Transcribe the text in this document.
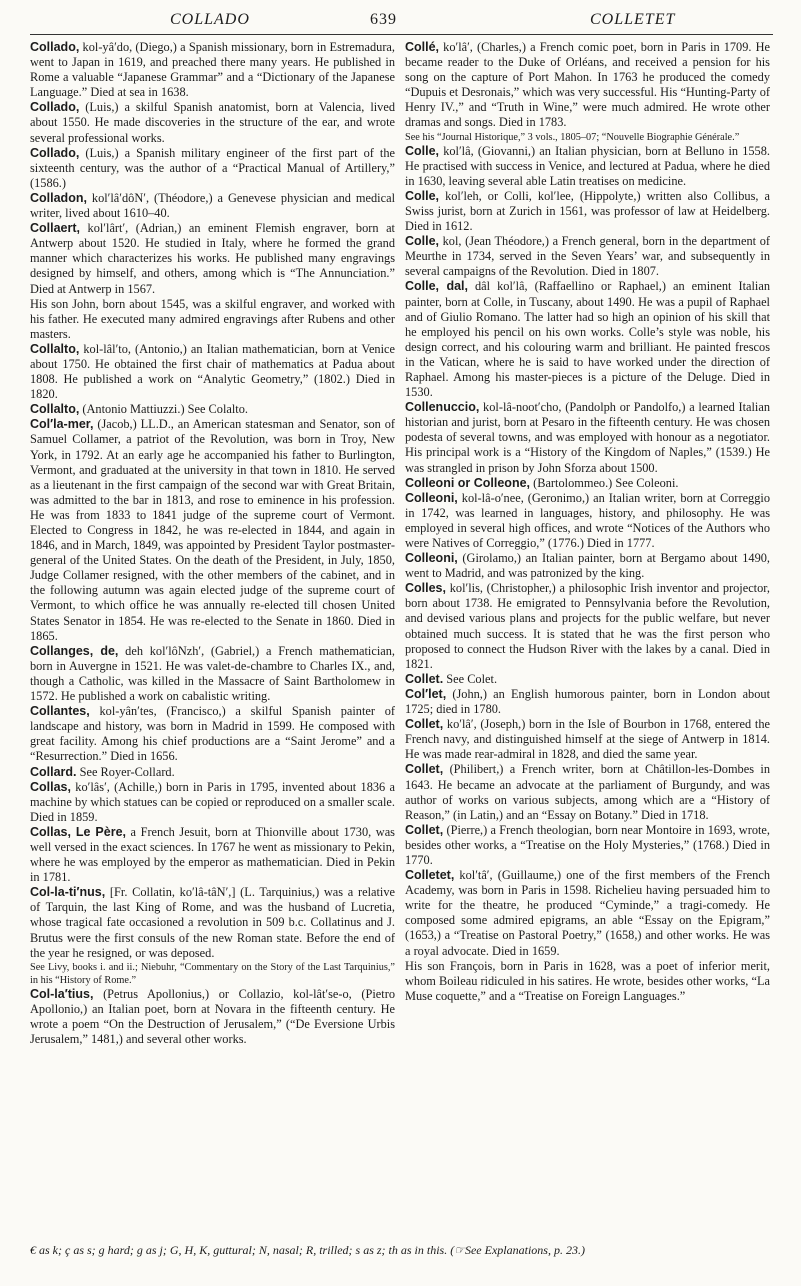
COLLADO	639	COLLETET

Collado, kol-yâ′do, (Diego,) a Spanish missionary, born in Estremadura, went to Japan in 1619, and preached there many years. He published in Rome a valuable “Japanese Grammar” and a “Dictionary of the Japanese Language.” Died at sea in 1638.

Collado, (Luis,) a skilful Spanish anatomist, born at Valencia, lived about 1550. He made discoveries in the structure of the ear, and wrote several professional works.

Collado, (Luis,) a Spanish military engineer of the first part of the sixteenth century, was the author of a “Practical Manual of Artillery,” (1586.)

Colladon, kol′lâ′dôN′, (Théodore,) a Genevese physician and medical writer, lived about 1610–40.

Collaert, kol′lârt′, (Adrian,) an eminent Flemish engraver, born at Antwerp about 1520. He studied in Italy, where he formed the grand manner which characterizes his works. He published many engravings designed by himself, and others, among which is “The Annunciation.” Died at Antwerp in 1567.

His son John, born about 1545, was a skilful engraver, and worked with his father. He executed many admired engravings after Rubens and other masters.

Collalto, kol-lâl′to, (Antonio,) an Italian mathematician, born at Venice about 1750. He obtained the first chair of mathematics at Padua about 1808. He published a work on “Analytic Geometry,” (1802.) Died in 1820.

Collalto, (Antonio Mattiuzzi.) See Colalto.

Col′la-mer, (Jacob,) LL.D., an American statesman and Senator, son of Samuel Collamer, a patriot of the Revolution, was born in Troy, New York, in 1792. At an early age he accompanied his father to Burlington, Vermont, and graduated at the university in that town in 1810. He served as a lieutenant in the first campaign of the second war with Great Britain, was admitted to the bar in 1813, and rose to eminence in his profession. He was from 1833 to 1841 judge of the supreme court of Vermont. Elected to Congress in 1842, he was re-elected in 1844, and again in 1846, and in March, 1849, was appointed by President Taylor postmaster-general of the United States. On the death of the President, in July, 1850, Judge Collamer resigned, with the other members of the cabinet, and in the following autumn was again elected judge of the supreme court of Vermont, to which office he was annually re-elected till chosen United States Senator in 1854. He was re-elected to the Senate in 1860. Died in 1865.

Collanges, de, deh kol′lôNzh′, (Gabriel,) a French mathematician, born in Auvergne in 1521. He was valet-de-chambre to Charles IX., and, though a Catholic, was killed in the Massacre of Saint Bartholomew in 1572. He published a work on cabalistic writing.

Collantes, kol-yân′tes, (Francisco,) a skilful Spanish painter of landscape and history, was born in Madrid in 1599. He composed with great facility. Among his chief productions are a “Saint Jerome” and a “Resurrection.” Died in 1656.

Collard. See Royer-Collard.

Collas, ko′lâs′, (Achille,) born in Paris in 1795, invented about 1836 a machine by which statues can be copied or reproduced on a smaller scale. Died in 1859.

Collas, Le Père, a French Jesuit, born at Thionville about 1730, was well versed in the exact sciences. In 1767 he went as missionary to Pekin, where he was employed by the emperor as mathematician. Died in Pekin in 1781.

Col-la-ti′nus, [Fr. Collatin, ko′lâ-tâN′,] (L. Tarquinius,) was a relative of Tarquin, the last King of Rome, and was the husband of Lucretia, whose tragical fate occasioned a revolution in 509 b.c. Collatinus and J. Brutus were the first consuls of the new Roman state. Before the end of the year he resigned, or was deposed.

See Livy, books i. and ii.; Niebuhr, “Commentary on the Story of the Last Tarquinius,” in his “History of Rome.”

Col-la′tius, (Petrus Apollonius,) or Collazio, kol-lât′se-o, (Pietro Apollonio,) an Italian poet, born at Novara in the fifteenth century. He wrote a poem “On the Destruction of Jerusalem,” (“De Eversione Urbis Jerusalem,” 1481,) and several other works.

Collé, ko′lâ′, (Charles,) a French comic poet, born in Paris in 1709. He became reader to the Duke of Orléans, and received a pension for his song on the capture of Port Mahon. In 1763 he produced the comedy “Dupuis et Desronais,” which was very successful. His “Hunting-Party of Henry IV.,” and “Truth in Wine,” were much admired. He wrote other dramas and songs. Died in 1783.

See his “Journal Historique,” 3 vols., 1805–07; “Nouvelle Biographie Générale.”

Colle, kol′lâ, (Giovanni,) an Italian physician, born at Belluno in 1558. He practised with success in Venice, and lectured at Padua, where he died in 1630, leaving several able Latin treatises on medicine.

Colle, kol′leh, or Colli, kol′lee, (Hippolyte,) written also Collibus, a Swiss jurist, born at Zurich in 1561, was professor of law at Heidelberg. Died in 1612.

Colle, kol, (Jean Théodore,) a French general, born in the department of Meurthe in 1734, served in the Seven Years’ war, and subsequently in several campaigns of the Revolution. Died in 1807.

Colle, dal, dâl kol′lâ, (Raffaellino or Raphael,) an eminent Italian painter, born at Colle, in Tuscany, about 1490. He was a pupil of Raphael and of Giulio Romano. The latter had so high an opinion of his skill that he employed his pencil on his own works. Colle’s style was noble, his design correct, and his colouring warm and brilliant. He painted frescos in the Vatican, where he is said to have worked under the direction of Raphael. Among his master-pieces is a picture of the Deluge. Died in 1530.

Collenuccio, kol-lâ-noot′cho, (Pandolph or Pandolfo,) a learned Italian historian and jurist, born at Pesaro in the fifteenth century. He was chosen podesta of several towns, and was employed with honour as a negotiator. His principal work is a “History of the Kingdom of Naples,” (1539.) He was strangled in prison by John Sforza about 1500.

Colleoni or Colleone, (Bartolommeo.) See Coleoni.

Colleoni, kol-lâ-o′nee, (Geronimo,) an Italian writer, born at Correggio in 1742, was learned in languages, history, and philosophy. He was employed in several high offices, and wrote “Notices of the Authors who were Natives of Correggio,” (1776.) Died in 1777.

Colleoni, (Girolamo,) an Italian painter, born at Bergamo about 1490, went to Madrid, and was patronized by the king.

Colles, kol′lis, (Christopher,) a philosophic Irish inventor and projector, born about 1738. He emigrated to Pennsylvania before the Revolution, and devised various plans and projects for the public welfare, but never obtained much success. It is stated that he was the first person who proposed to connect the Hudson River with the lakes by a canal. Died in 1821.

Collet. See Colet.

Col′let, (John,) an English humorous painter, born in London about 1725; died in 1780.

Collet, ko′lâ′, (Joseph,) born in the Isle of Bourbon in 1768, entered the French navy, and distinguished himself at the siege of Antwerp in 1814. He was made rear-admiral in 1828, and died the same year.

Collet, (Philibert,) a French writer, born at Châtillon-les-Dombes in 1643. He became an advocate at the parliament of Burgundy, and was author of works on various subjects, among which are a “History of Reason,” (in Latin,) and an “Essay on Botany.” Died in 1718.

Collet, (Pierre,) a French theologian, born near Montoire in 1693, wrote, besides other works, a “Treatise on the Holy Mysteries,” (1768.) Died in 1770.

Colletet, kol′tâ′, (Guillaume,) one of the first members of the French Academy, was born in Paris in 1598. Richelieu having persuaded him to write for the theatre, he produced “Cyminde,” a tragi-comedy. He composed some admired epigrams, an able “Essay on the Epigram,” (1653,) a “Treatise on Pastoral Poetry,” (1658,) and other works. He was a royal advocate. Died in 1659.

His son François, born in Paris in 1628, was a poet of inferior merit, whom Boileau ridiculed in his satires. He wrote, besides other works, “La Muse coquette,” and a “Treatise on Foreign Languages.”

€ as k; ç as s; g hard; g as j; G, H, K, guttural; N, nasal; R, trilled; s as z; th as in this. (☞See Explanations, p. 23.)
